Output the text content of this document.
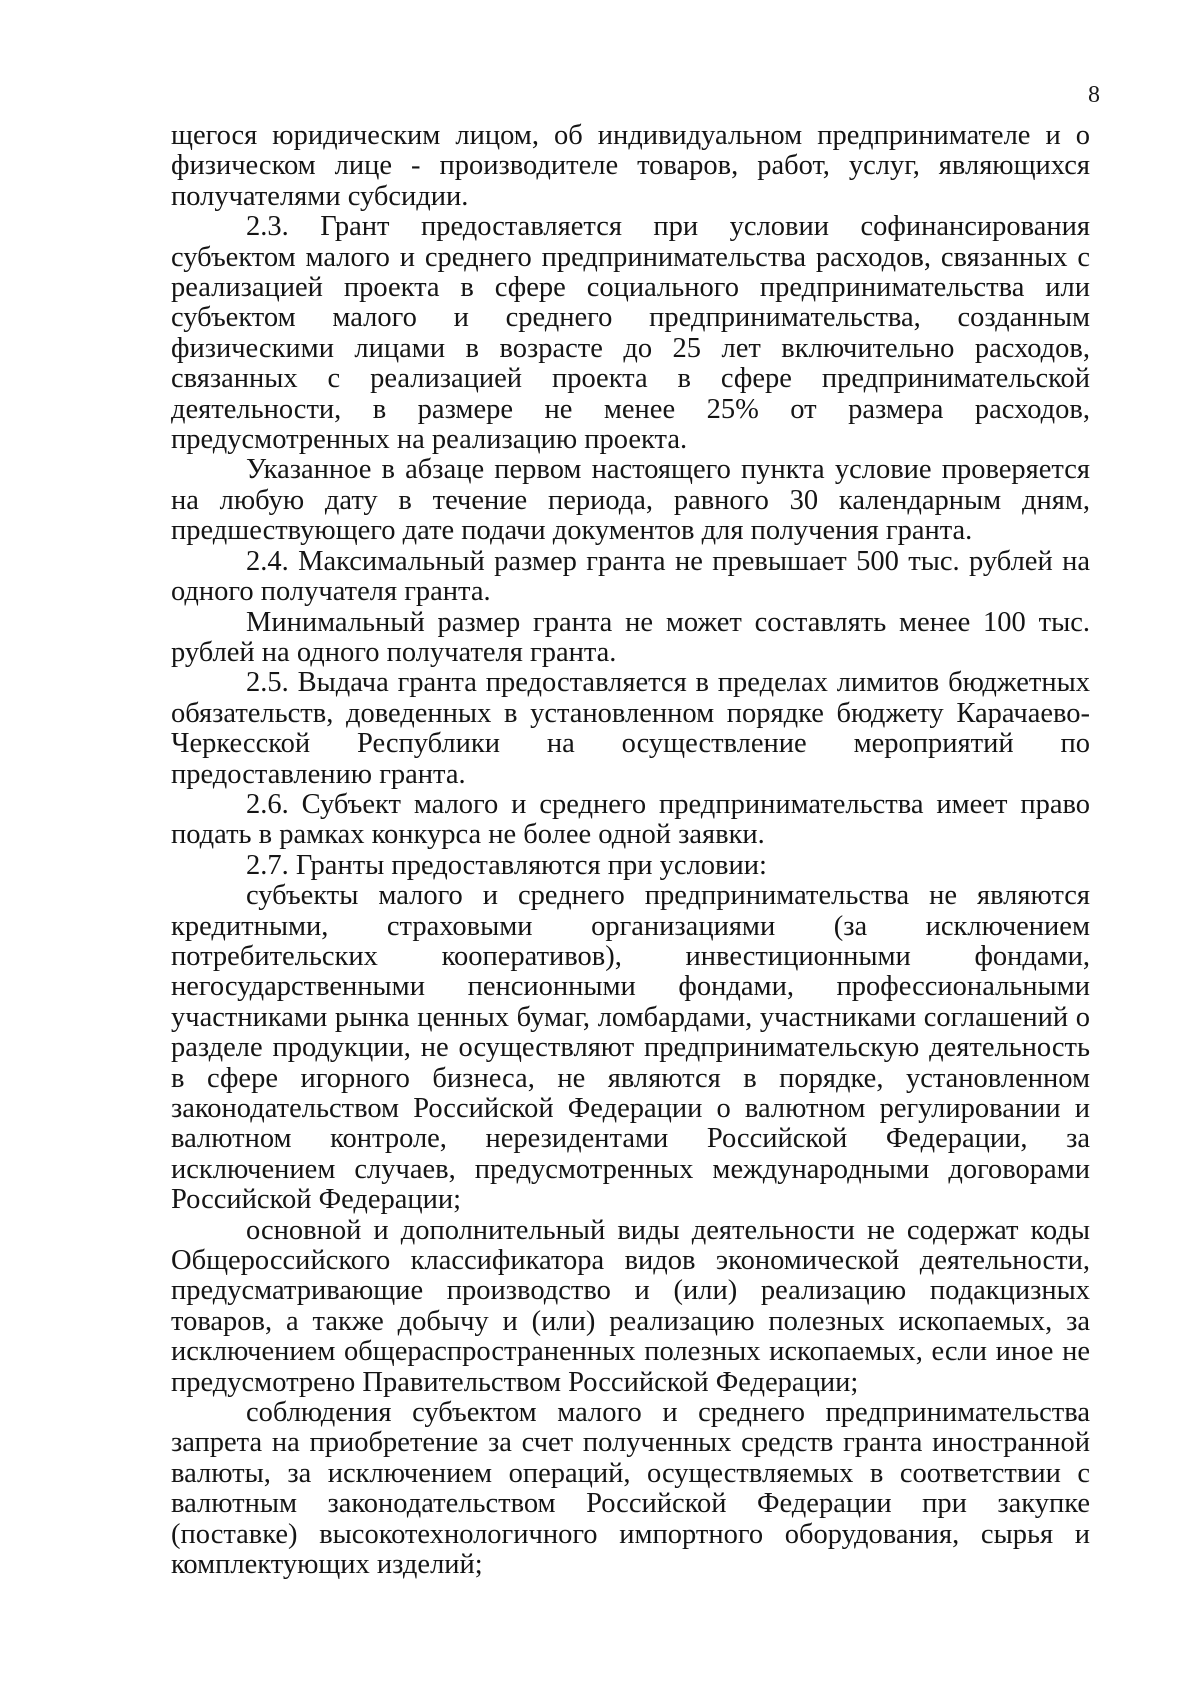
8

щегося юридическим лицом, об индивидуальном предпринимателе и о физическом лице - производителе товаров, работ, услуг, являющихся получателями субсидии.

2.3. Грант предоставляется при условии софинансирования субъектом малого и среднего предпринимательства расходов, связанных с реализацией проекта в сфере социального предпринимательства или субъектом малого и среднего предпринимательства, созданным физическими лицами в возрасте до 25 лет включительно расходов, связанных с реализацией проекта в сфере предпринимательской деятельности, в размере не менее 25% от размера расходов, предусмотренных на реализацию проекта.

Указанное в абзаце первом настоящего пункта условие проверяется на любую дату в течение периода, равного 30 календарным дням, предшествующего дате подачи документов для получения гранта.

2.4. Максимальный размер гранта не превышает 500 тыс. рублей на одного получателя гранта.

Минимальный размер гранта не может составлять менее 100 тыс. рублей на одного получателя гранта.

2.5. Выдача гранта предоставляется в пределах лимитов бюджетных обязательств, доведенных в установленном порядке бюджету Карачаево-Черкесской Республики на осуществление мероприятий по предоставлению гранта.

2.6. Субъект малого и среднего предпринимательства имеет право подать в рамках конкурса не более одной заявки.

2.7. Гранты предоставляются при условии:

субъекты малого и среднего предпринимательства не являются кредитными, страховыми организациями (за исключением потребительских кооперативов), инвестиционными фондами, негосударственными пенсионными фондами, профессиональными участниками рынка ценных бумаг, ломбардами, участниками соглашений о разделе продукции, не осуществляют предпринимательскую деятельность в сфере игорного бизнеса, не являются в порядке, установленном законодательством Российской Федерации о валютном регулировании и валютном контроле, нерезидентами Российской Федерации, за исключением случаев, предусмотренных международными договорами Российской Федерации;

основной и дополнительный виды деятельности не содержат коды Общероссийского классификатора видов экономической деятельности, предусматривающие производство и (или) реализацию подакцизных товаров, а также добычу и (или) реализацию полезных ископаемых, за исключением общераспространенных полезных ископаемых, если иное не предусмотрено Правительством Российской Федерации;

соблюдения субъектом малого и среднего предпринимательства запрета на приобретение за счет полученных средств гранта иностранной валюты, за исключением операций, осуществляемых в соответствии с валютным законодательством Российской Федерации при закупке (поставке) высокотехнологичного импортного оборудования, сырья и комплектующих изделий;
